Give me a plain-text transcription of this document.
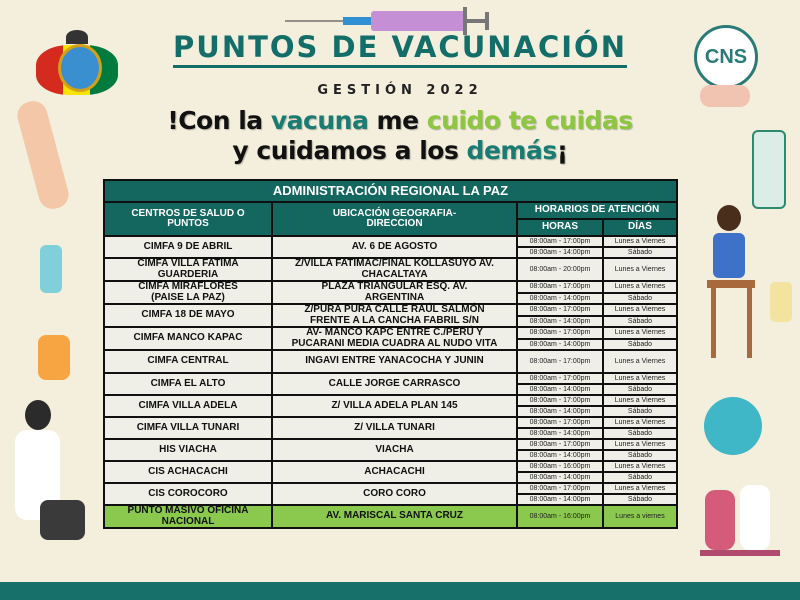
CNS
PUNTOS DE VACUNACIÓN
GESTIÓN 2022
!Con la vacuna me cuido te cuidas
y cuidamos a los demás¡
ADMINISTRACIÓN REGIONAL LA PAZ			
CENTROS DE SALUD O PUNTOS	UBICACIÓN GEOGRAFIA- DIRECCION	HORARIOS DE ATENCIÓN	
		HORAS	DÍAS
CIMFA 9 DE ABRIL	AV. 6 DE AGOSTO	08:00am - 17:00pm	Lunes a Viernes
		08:00am - 14:00pm	Sábado
CIMFA VILLA FATIMA GUARDERIA	Z/VILLA FATIMAC/FINAL KOLLASUYO AV. CHACALTAYA	08:00am - 20:00pm	Lunes a Viernes
CIMFA MIRAFLORES (PAISE LA PAZ)	PLAZA TRIANGULAR ESQ. AV. ARGENTINA	08:00am - 17:00pm	Lunes a Viernes
		08:00am - 14:00pm	Sábado
CIMFA 18 DE MAYO	Z/PURA PURA CALLE RAÚL SALMÓN FRENTE A LA CANCHA FABRIL S/N	08:00am - 17:00pm	Lunes a Viernes
		08:00am - 14:00pm	Sábado
CIMFA MANCO KAPAC	AV- MANCO KAPC ENTRE C./PERÚ Y PUCARANI MEDIA CUADRA AL NUDO VITA	08:00am - 17:00pm	Lunes a Viernes
		08:00am - 14:00pm	Sábado
CIMFA CENTRAL	INGAVI ENTRE YANACOCHA Y JUNIN	08:00am - 17:00pm	Lunes a Viernes
CIMFA EL ALTO	CALLE JORGE CARRASCO	08:00am - 17:00pm	Lunes a Viernes
		08:00am - 14:00pm	Sábado
CIMFA VILLA ADELA	Z/ VILLA ADELA PLAN 145	08:00am - 17:00pm	Lunes a Viernes
		08:00am - 14:00pm	Sábado
CIMFA VILLA TUNARI	Z/ VILLA TUNARI	08:00am - 17:00pm	Lunes a Viernes
		08:00am - 14:00pm	Sábado
HIS VIACHA	VIACHA	08:00am - 17:00pm	Lunes a Viernes
		08:00am - 14:00pm	Sábado
CIS ACHACACHI	ACHACACHI	08:00am - 16:00pm	Lunes a Viernes
		08:00am - 14:00pm	Sábado
CIS COROCORO	CORO CORO	08:00am - 17:00pm	Lunes a Viernes
		08:00am - 14:00pm	Sábado
PUNTO MASIVO OFICINA NACIONAL	AV. MARISCAL SANTA CRUZ	08:00am - 16:00pm	Lunes a viernes
